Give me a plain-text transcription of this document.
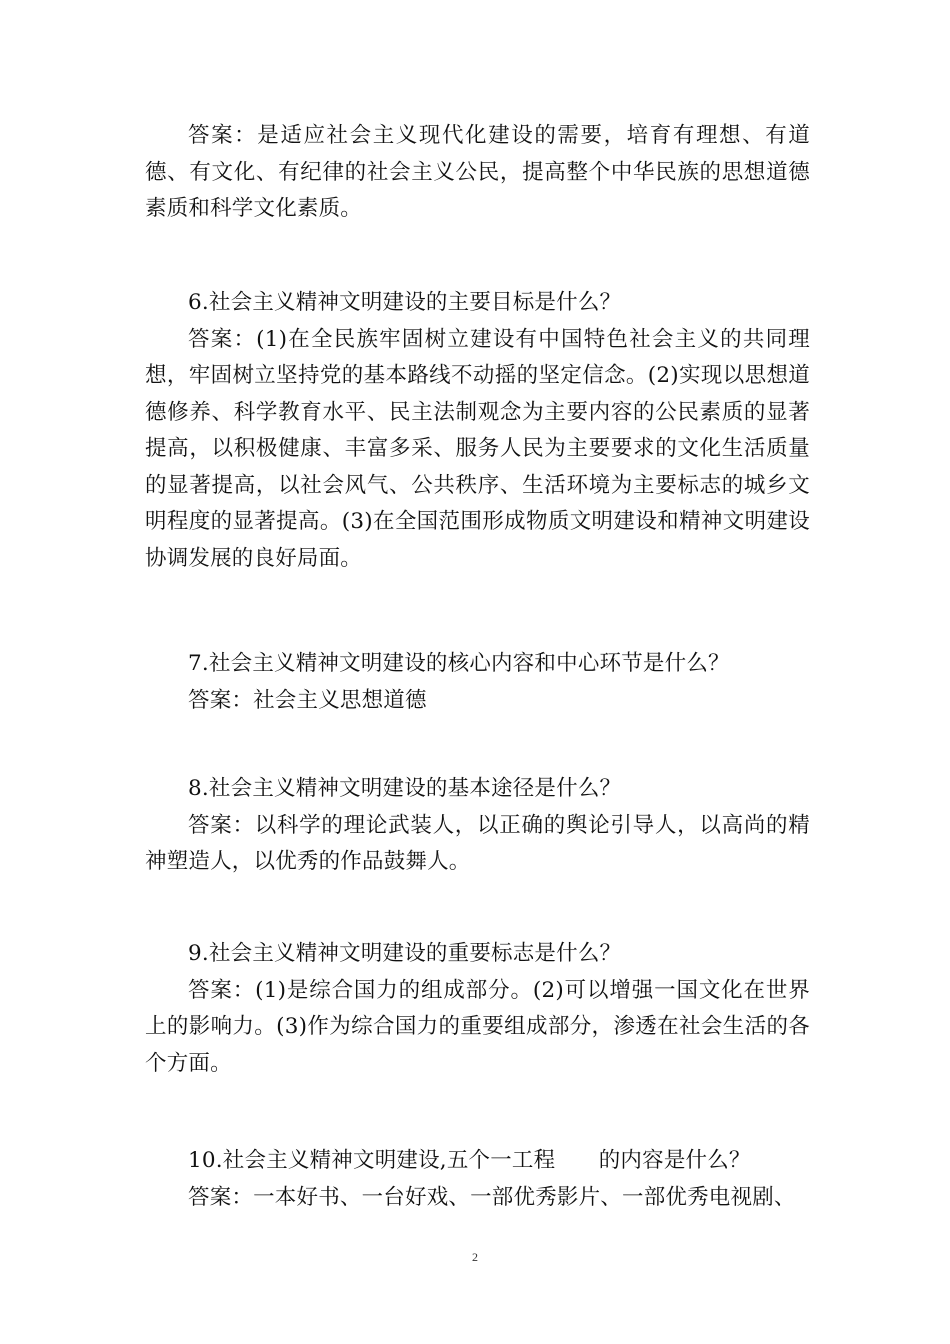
答案：是适应社会主义现代化建设的需要，培育有理想、有道德、有文化、有纪律的社会主义公民，提高整个中华民族的思想道德素质和科学文化素质。

6.社会主义精神文明建设的主要目标是什么？

答案：(1)在全民族牢固树立建设有中国特色社会主义的共同理想，牢固树立坚持党的基本路线不动摇的坚定信念。(2)实现以思想道德修养、科学教育水平、民主法制观念为主要内容的公民素质的显著提高，以积极健康、丰富多采、服务人民为主要要求的文化生活质量的显著提高，以社会风气、公共秩序、生活环境为主要标志的城乡文明程度的显著提高。(3)在全国范围形成物质文明建设和精神文明建设协调发展的良好局面。

7.社会主义精神文明建设的核心内容和中心环节是什么？

答案：社会主义思想道德

8.社会主义精神文明建设的基本途径是什么？

答案：以科学的理论武装人，以正确的舆论引导人，以高尚的精神塑造人，以优秀的作品鼓舞人。

9.社会主义精神文明建设的重要标志是什么？

答案：(1)是综合国力的组成部分。(2)可以增强一国文化在世界上的影响力。(3)作为综合国力的重要组成部分，渗透在社会生活的各个方面。

10.社会主义精神文明建设,五个一工程　　的内容是什么？

答案：一本好书、一台好戏、一部优秀影片、一部优秀电视剧、

2
